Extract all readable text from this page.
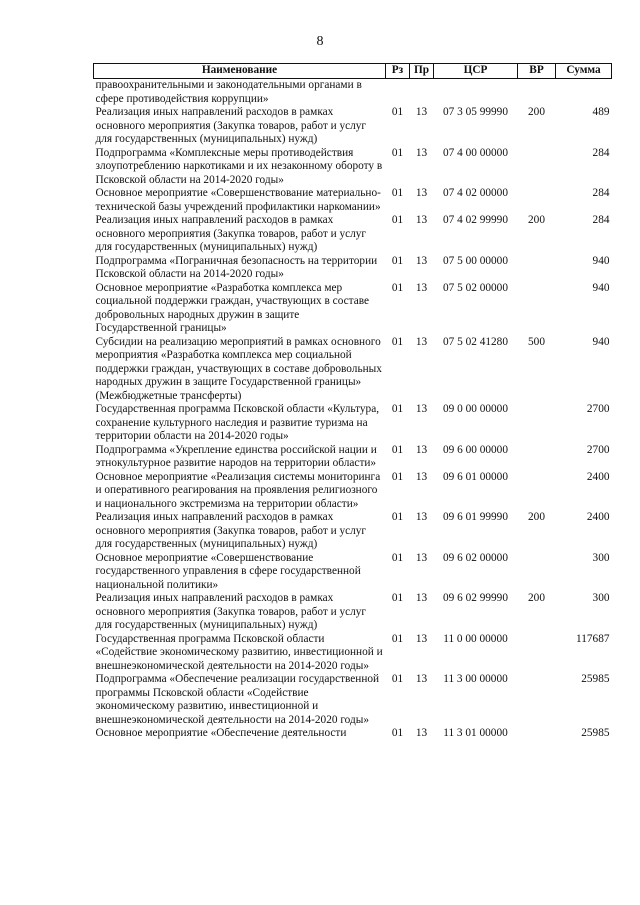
8
Наименование	Рз	Пр	ЦСР	ВР	Сумма
правоохранительными и законодательными органами в сфере противодействия коррупции»					
Реализация иных направлений расходов в рамках основного мероприятия (Закупка товаров, работ и услуг для государственных (муниципальных) нужд)	01	13	07 3 05 99990	200	489
Подпрограмма «Комплексные меры противодействия злоупотреблению наркотиками и их незаконному обороту в Псковской области на 2014-2020 годы»	01	13	07 4 00 00000		284
Основное мероприятие «Совершенствование материально-технической базы учреждений профилактики наркомании»	01	13	07 4 02 00000		284
Реализация иных направлений расходов в рамках основного мероприятия (Закупка товаров, работ и услуг для государственных (муниципальных) нужд)	01	13	07 4 02 99990	200	284
Подпрограмма «Пограничная безопасность на территории Псковской области на 2014-2020 годы»	01	13	07 5 00 00000		940
Основное мероприятие «Разработка комплекса мер социальной поддержки граждан, участвующих в составе добровольных народных дружин в защите Государственной границы»	01	13	07 5 02 00000		940
Субсидии на реализацию мероприятий в рамках основного мероприятия «Разработка комплекса мер социальной поддержки граждан, участвующих в составе добровольных народных дружин в защите Государственной границы» (Межбюджетные трансферты)	01	13	07 5 02 41280	500	940
Государственная программа Псковской области «Культура, сохранение культурного наследия и развитие туризма на территории области на 2014-2020 годы»	01	13	09 0 00 00000		2700
Подпрограмма «Укрепление единства российской нации и этнокультурное развитие народов на территории области»	01	13	09 6 00 00000		2700
Основное мероприятие «Реализация системы мониторинга и оперативного реагирования на проявления религиозного и национального экстремизма на территории области»	01	13	09 6 01 00000		2400
Реализация иных направлений расходов в рамках основного мероприятия (Закупка товаров, работ и услуг для государственных (муниципальных) нужд)	01	13	09 6 01 99990	200	2400
Основное мероприятие «Совершенствование государственного управления в сфере государственной национальной политики»	01	13	09 6 02 00000		300
Реализация иных направлений расходов в рамках основного мероприятия (Закупка товаров, работ и услуг для государственных (муниципальных) нужд)	01	13	09 6 02 99990	200	300
Государственная программа Псковской области «Содействие экономическому развитию, инвестиционной и внешнеэкономической деятельности на 2014-2020 годы»	01	13	11 0 00 00000		117687
Подпрограмма «Обеспечение реализации государственной программы Псковской области «Содействие экономическому развитию, инвестиционной и внешнеэкономической деятельности на 2014-2020 годы»	01	13	11 3 00 00000		25985
Основное мероприятие «Обеспечение деятельности	01	13	11 3 01 00000		25985
